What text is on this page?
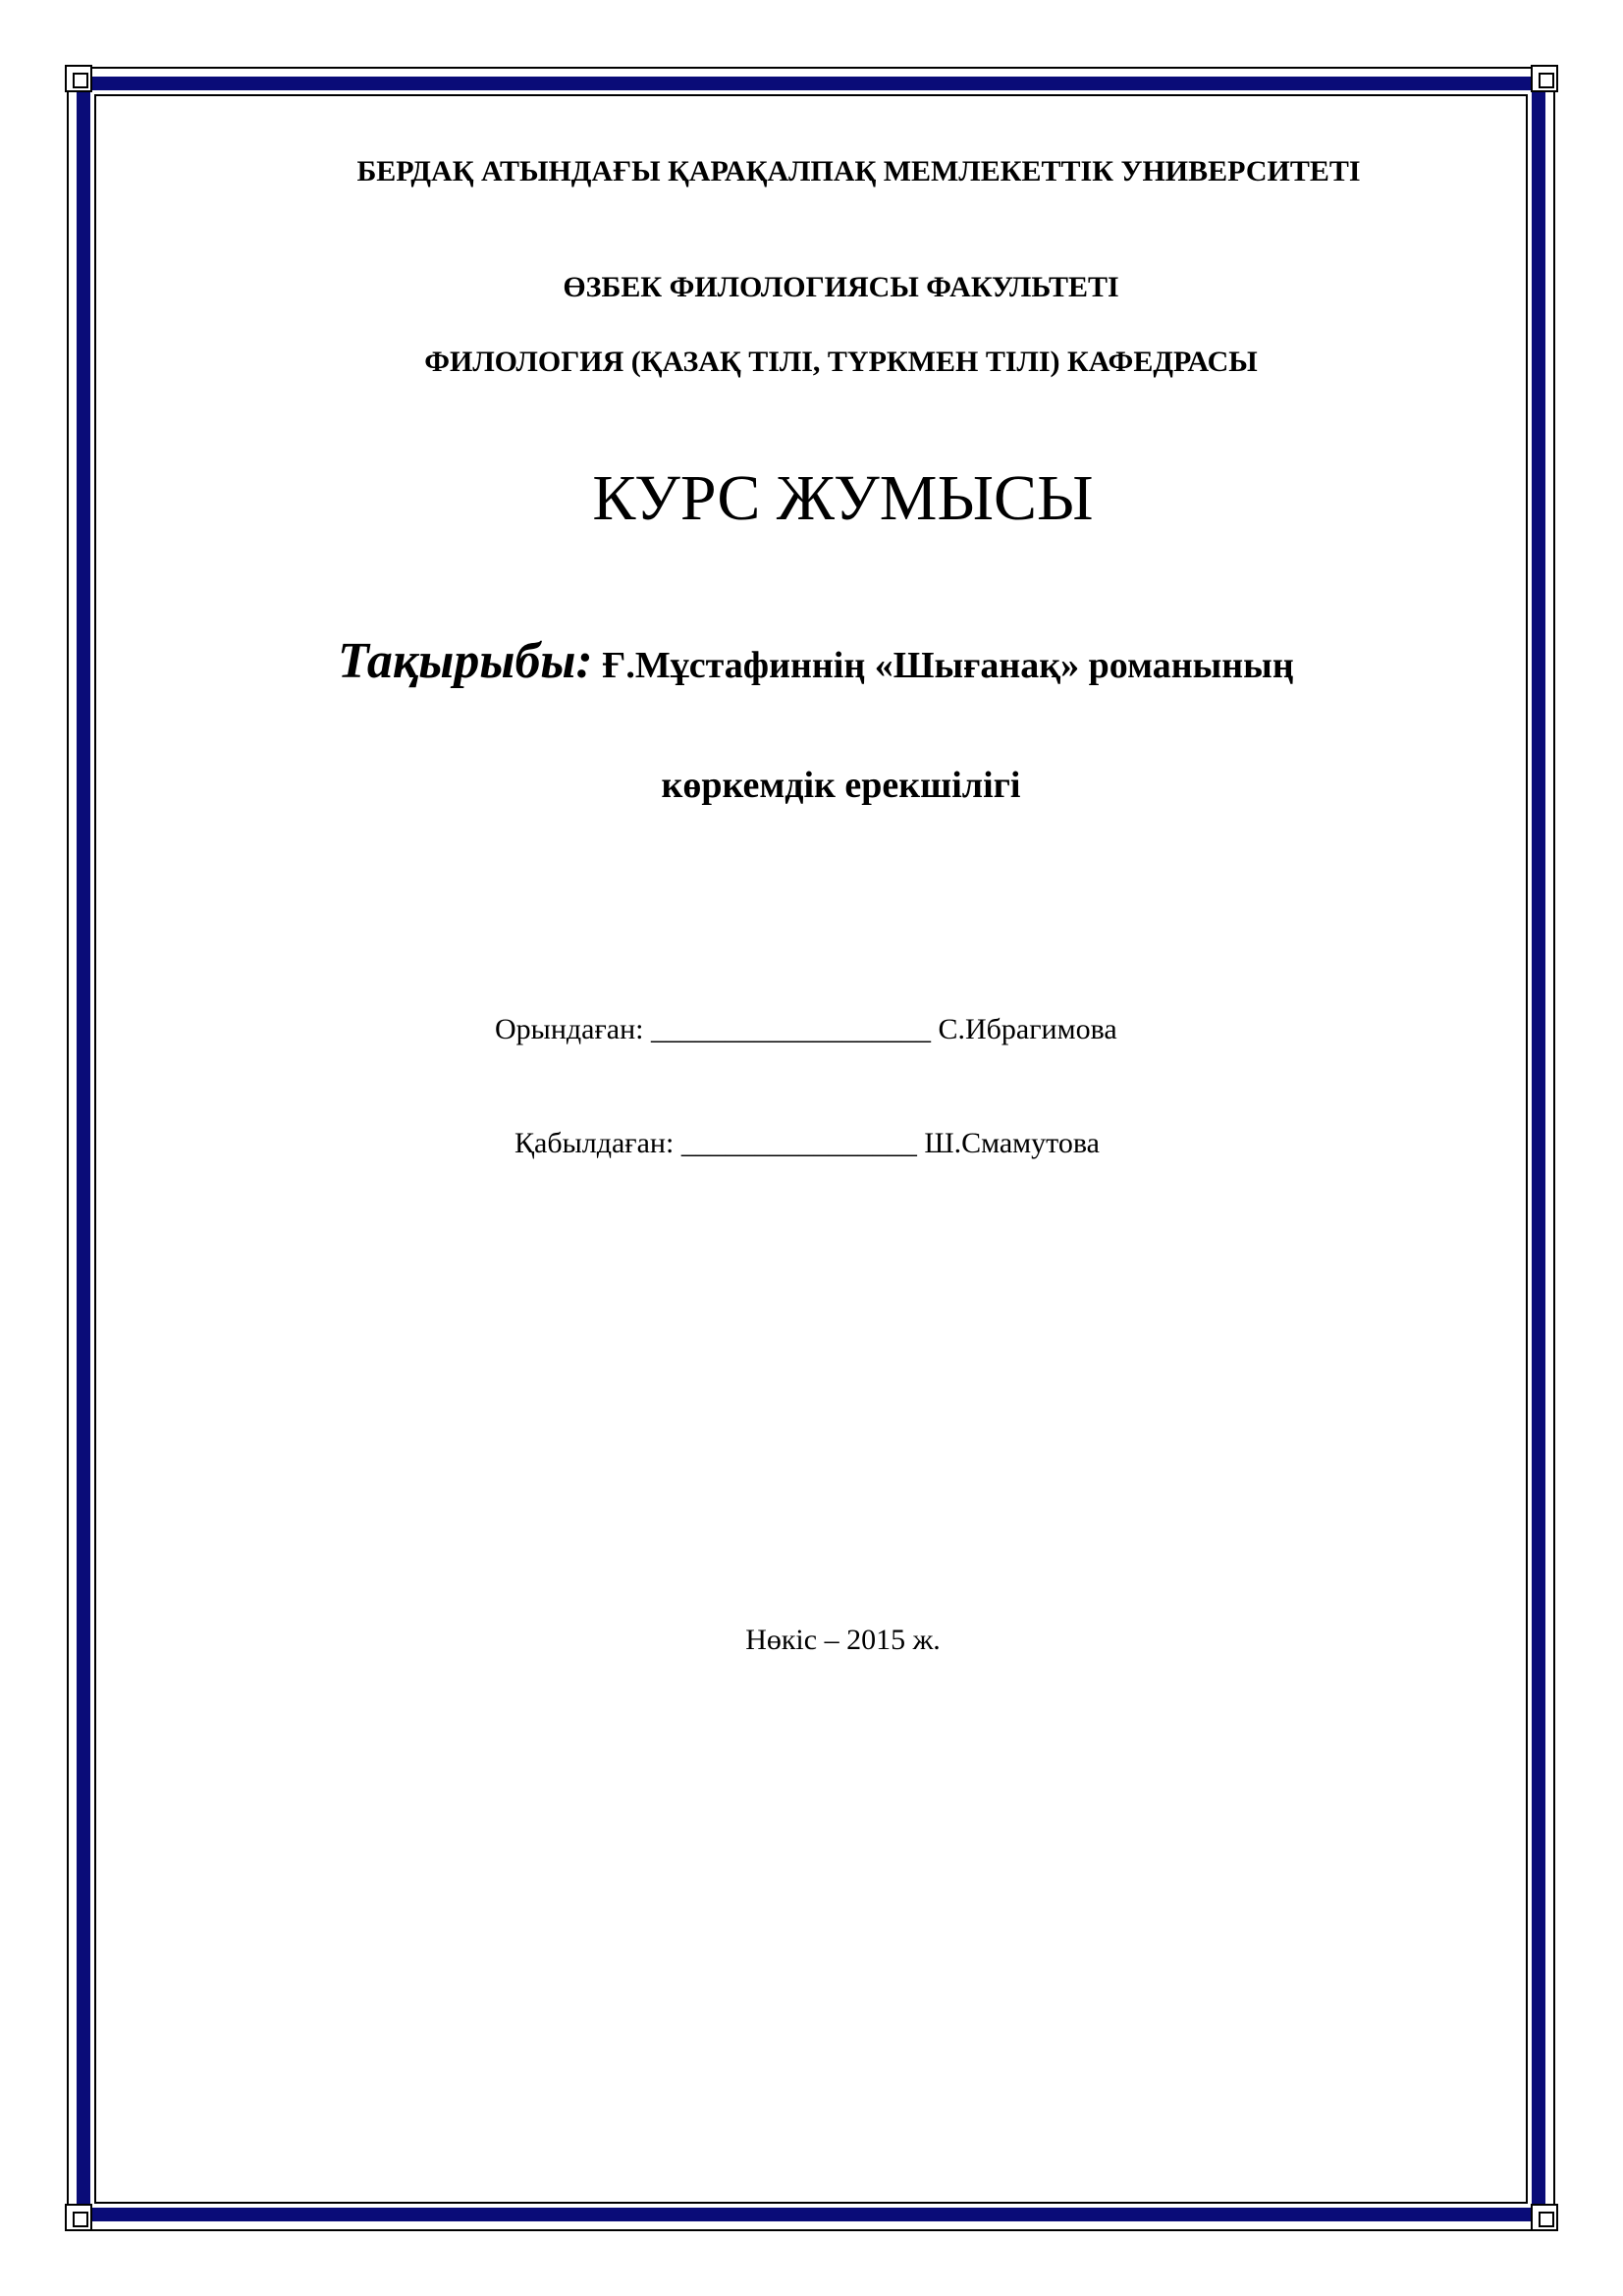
БЕРДАҚ АТЫНДАҒЫ ҚАРАҚАЛПАҚ МЕМЛЕКЕТТІК УНИВЕРСИТЕТІ
ӨЗБЕК ФИЛОЛОГИЯСЫ ФАКУЛЬТЕТІ
ФИЛОЛОГИЯ (ҚАЗАҚ ТІЛІ, ТҮРКМЕН ТІЛІ) КАФЕДРАСЫ
КУРС ЖУМЫСЫ
Тақырыбы: Ғ.Мұстафиннің «Шығанақ» романының
көркемдік ерекшілігі
Орындаған: ___________________ С.Ибрагимова
Қабылдаған: ________________ Ш.Смамутова
Нөкіс – 2015 ж.
